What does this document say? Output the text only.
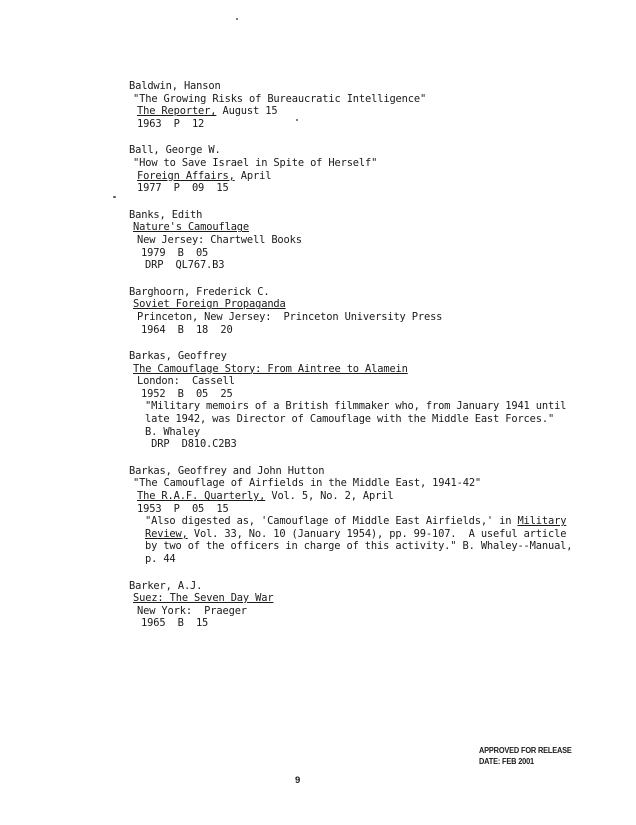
Baldwin, Hanson
"The Growing Risks of Bureaucratic Intelligence"
The Reporter, August 15
1963  P  12
Ball, George W.
"How to Save Israel in Spite of Herself"
Foreign Affairs, April
1977  P  09  15
Banks, Edith
Nature's Camouflage
New Jersey: Chartwell Books
1979  B  05
DRP  QL767.B3
Barghoorn, Frederick C.
Soviet Foreign Propaganda
Princeton, New Jersey:  Princeton University Press
1964  B  18  20
Barkas, Geoffrey
The Camouflage Story: From Aintree to Alamein
London:  Cassell
1952  B  05  25
"Military memoirs of a British filmmaker who, from January 1941 until
late 1942, was Director of Camouflage with the Middle East Forces."
B. Whaley
DRP  D810.C2B3
Barkas, Geoffrey and John Hutton
"The Camouflage of Airfields in the Middle East, 1941-42"
The R.A.F. Quarterly, Vol. 5, No. 2, April
1953  P  05  15
"Also digested as, 'Camouflage of Middle East Airfields,' in Military
Review, Vol. 33, No. 10 (January 1954), pp. 99-107.  A useful article
by two of the officers in charge of this activity." B. Whaley--Manual,
p. 44
Barker, A.J.
Suez: The Seven Day War
New York:  Praeger
1965  B  15
APPROVED FOR RELEASE
DATE: FEB 2001
9
